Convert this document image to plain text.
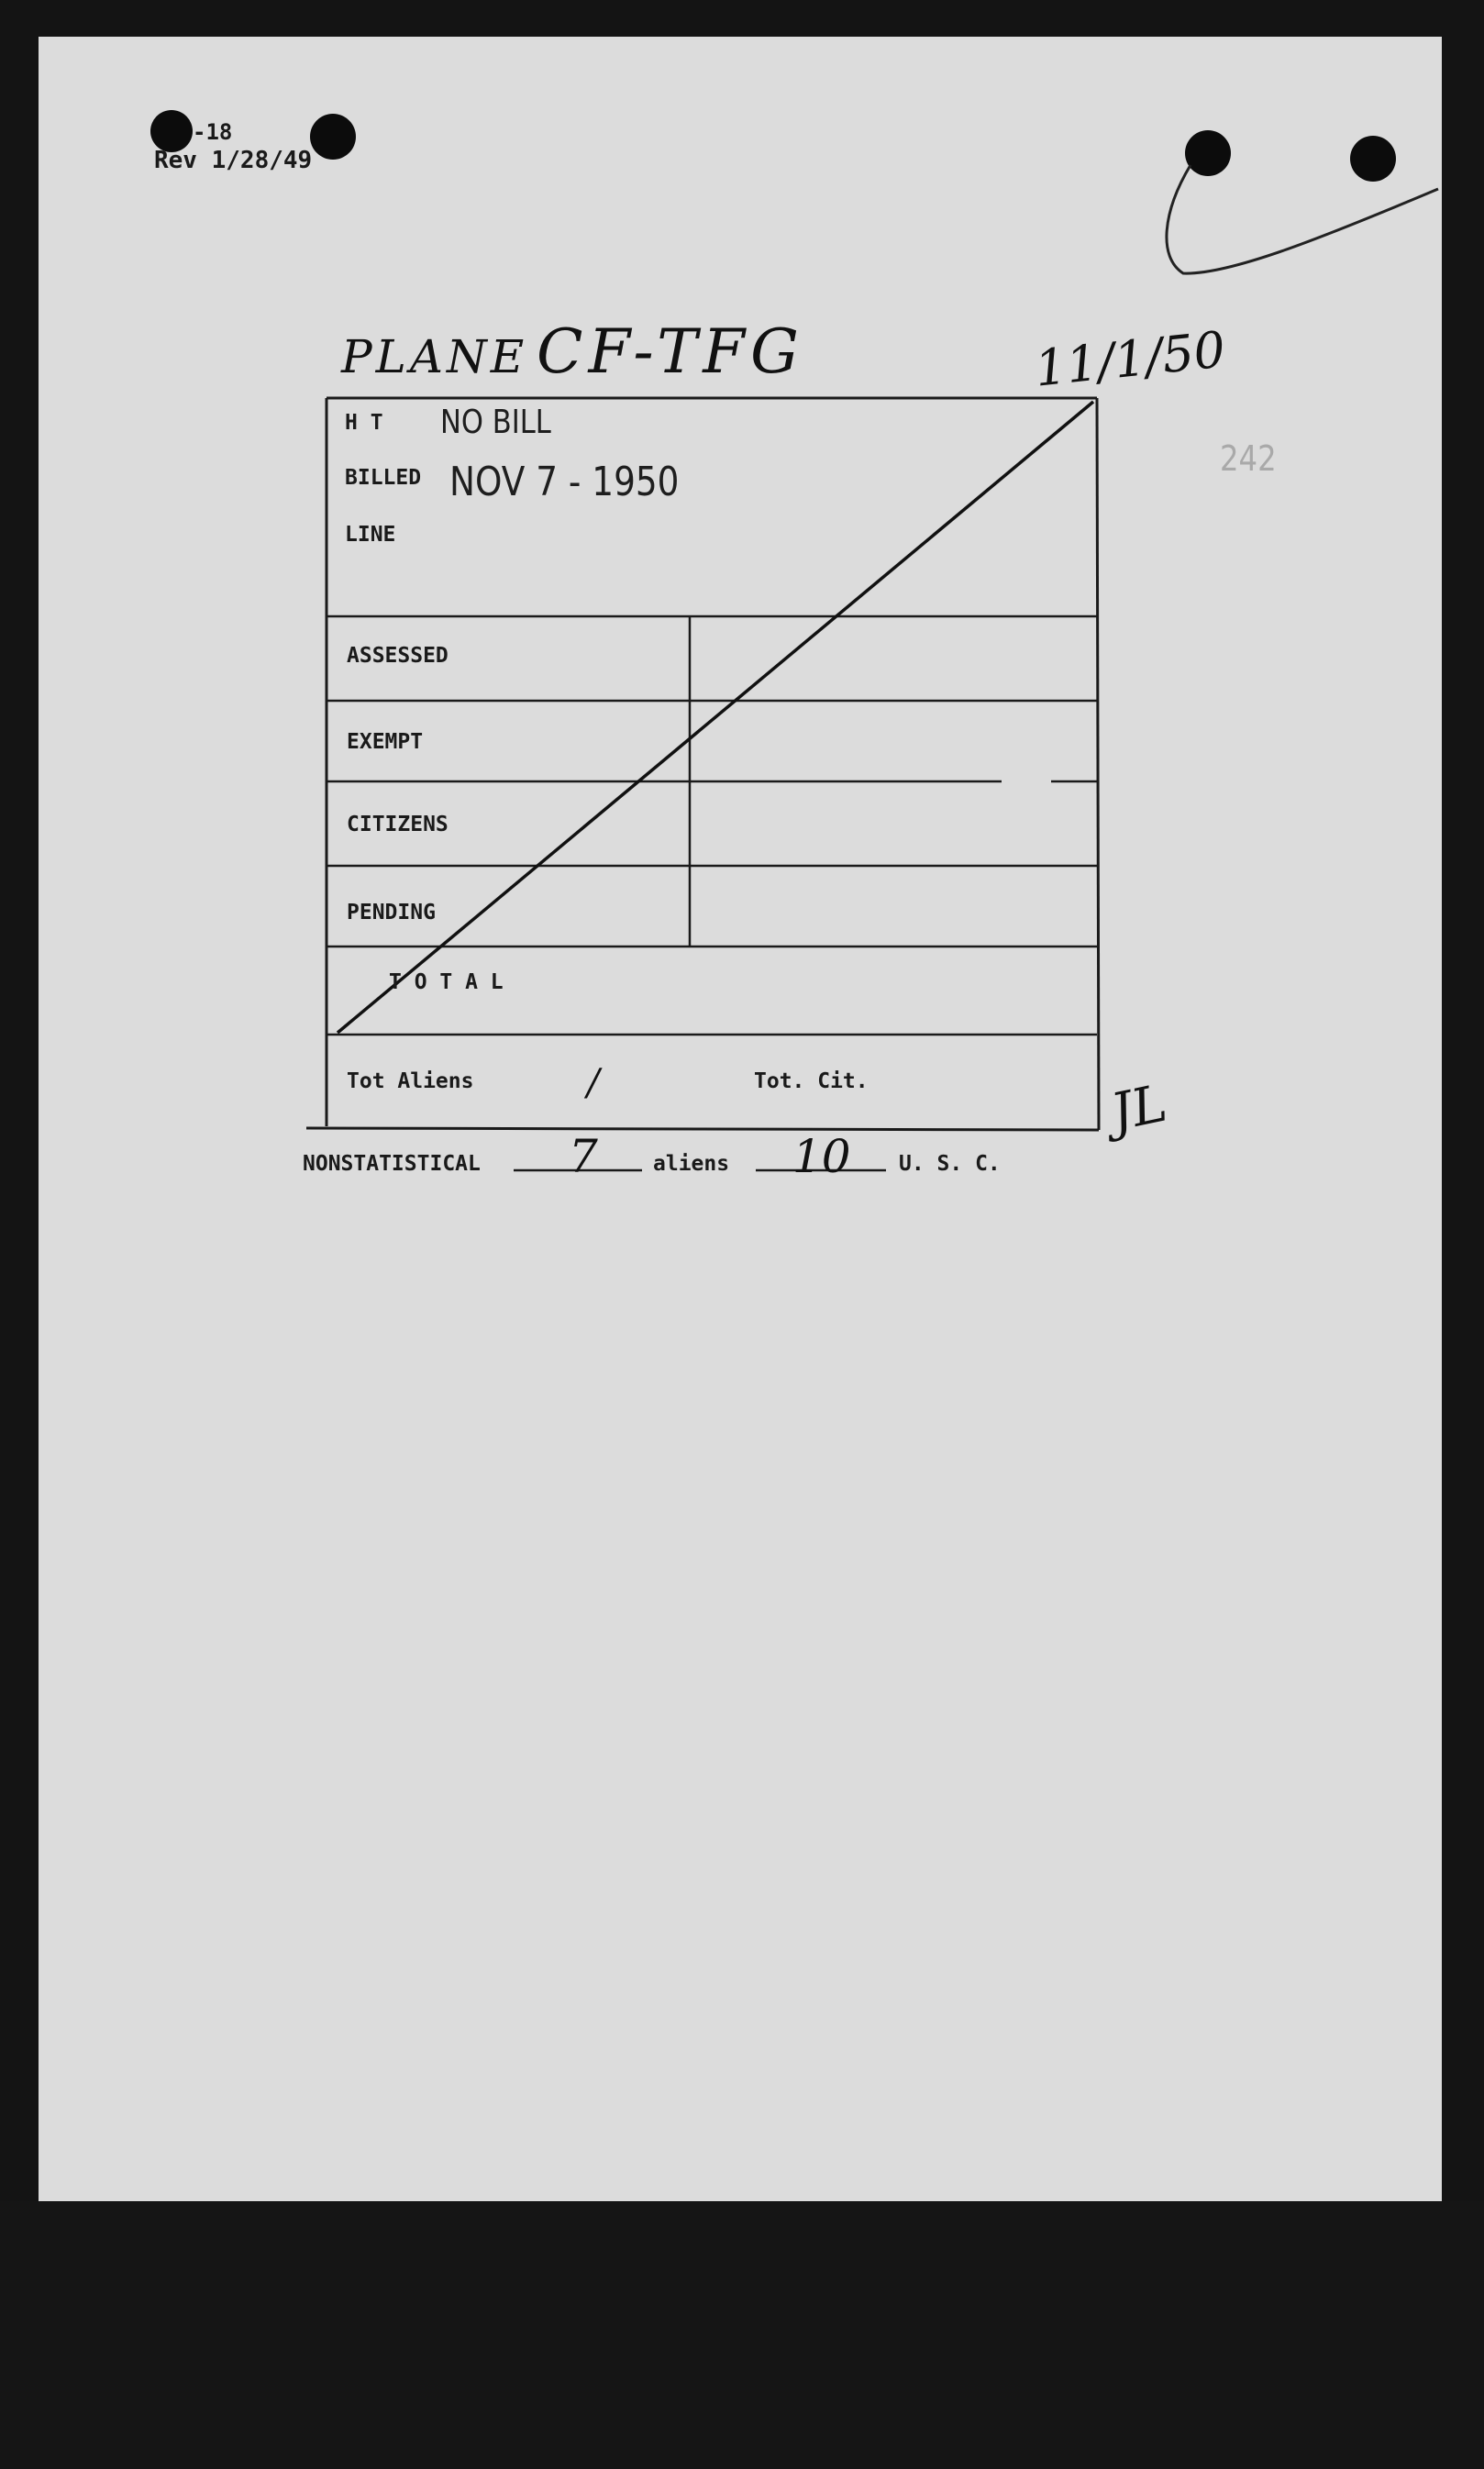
-18
Rev 1/28/49
242
PLANE CF-TFG	11/1/50
H T NO BILL
BILLED NOV 7 - 1950
LINE
ASSESSED
EXEMPT
CITIZENS
PENDING
T O T A L
Tot Aliens	/	Tot. Cit.	JL
NONSTATISTICAL 7	aliens 10 U. S. C.
